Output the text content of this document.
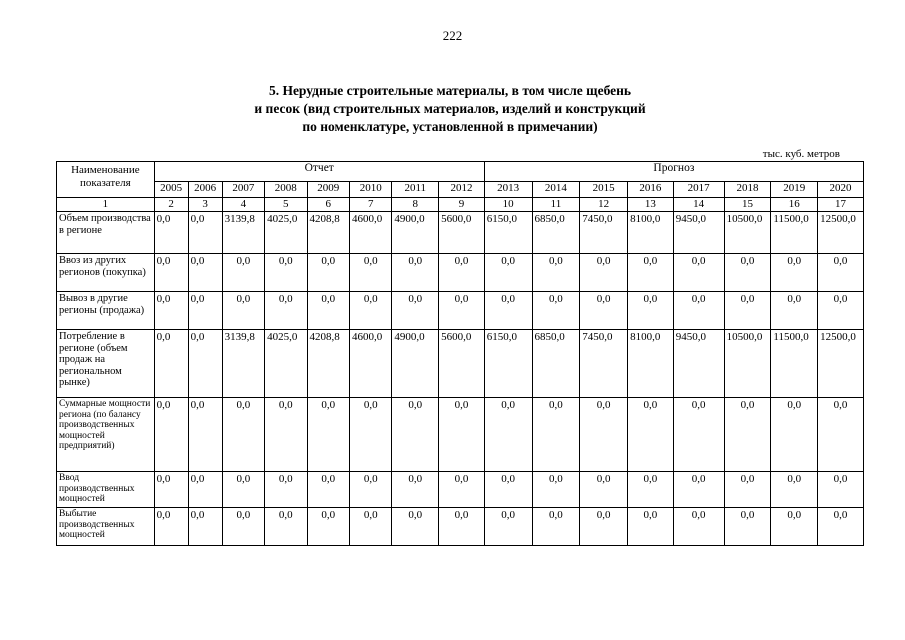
222
5. Нерудные строительные материалы, в том числе щебень
и песок (вид строительных материалов, изделий и конструкций
по номенклатуре, установленной в примечании)
тыс. куб. метров
Наименование показателя	Отчет								Прогноз							
	2005	2006	2007	2008	2009	2010	2011	2012	2013	2014	2015	2016	2017	2018	2019	2020
1	2	3	4	5	6	7	8	9	10	11	12	13	14	15	16	17
Объем производства в регионе	0,0	0,0	3139,8	4025,0	4208,8	4600,0	4900,0	5600,0	6150,0	6850,0	7450,0	8100,0	9450,0	10500,0	11500,0	12500,0
Ввоз из других регионов (покупка)	0,0	0,0	0,0	0,0	0,0	0,0	0,0	0,0	0,0	0,0	0,0	0,0	0,0	0,0	0,0	0,0
Вывоз в другие регионы (продажа)	0,0	0,0	0,0	0,0	0,0	0,0	0,0	0,0	0,0	0,0	0,0	0,0	0,0	0,0	0,0	0,0
Потребление в регионе (объем продаж на региональном рынке)	0,0	0,0	3139,8	4025,0	4208,8	4600,0	4900,0	5600,0	6150,0	6850,0	7450,0	8100,0	9450,0	10500,0	11500,0	12500,0
Суммарные мощности региона (по балансу производственных мощностей предприятий)	0,0	0,0	0,0	0,0	0,0	0,0	0,0	0,0	0,0	0,0	0,0	0,0	0,0	0,0	0,0	0,0
Ввод производственных мощностей	0,0	0,0	0,0	0,0	0,0	0,0	0,0	0,0	0,0	0,0	0,0	0,0	0,0	0,0	0,0	0,0
Выбытие производственных мощностей	0,0	0,0	0,0	0,0	0,0	0,0	0,0	0,0	0,0	0,0	0,0	0,0	0,0	0,0	0,0	0,0
